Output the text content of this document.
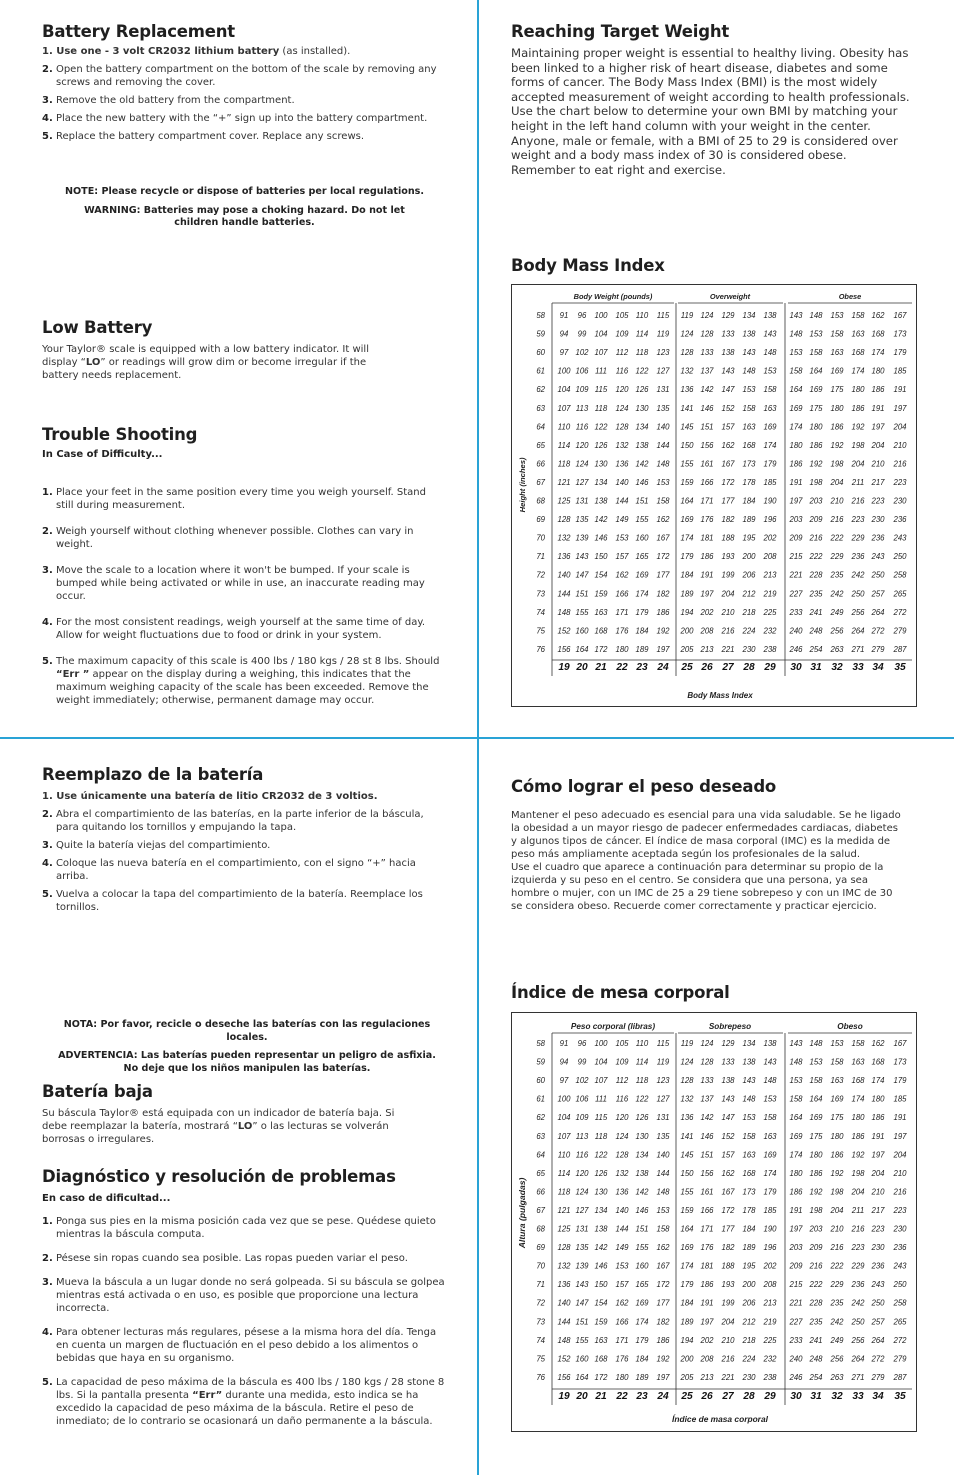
Battery Replacement

1. Use one - 3 volt CR2032 lithium battery (as installed).

2. Open the battery compartment on the bottom of the scale by removing any screws and removing the cover.

3. Remove the old battery from the compartment.

4. Place the new battery with the “+” sign up into the battery compartment.

5. Replace the battery compartment cover. Replace any screws.

NOTE: Please recycle or dispose of batteries per local regulations.
WARNING: Batteries may pose a choking hazard. Do not let children handle batteries.
Low Battery

Your Taylor® scale is equipped with a low battery indicator. It will display “LO” or readings will grow dim or become irregular if the battery needs replacement.

Trouble Shooting
In Case of Difficulty...

1. Place your feet in the same position every time you weigh yourself. Stand still during measurement.

2. Weigh yourself without clothing whenever possible. Clothes can vary in weight.

3. Move the scale to a location where it won't be bumped. If your scale is bumped while being activated or while in use, an inaccurate reading may occur.

4. For the most consistent readings, weigh yourself at the same time of day. Allow for weight fluctuations due to food or drink in your system.

5. The maximum capacity of this scale is 400 lbs / 180 kgs / 28 st 8 lbs. Should “Err ” appear on the display during a weighing, this indicates that the maximum weighing capacity of the scale has been exceeded. Remove the weight immediately; otherwise, permanent damage may occur.

Reaching Target Weight

Maintaining proper weight is essential to healthy living. Obesity has been linked to a higher risk of heart disease, diabetes and some forms of cancer. The Body Mass Index (BMI) is the most widely accepted measurement of weight according to health professionals.

Use the chart below to determine your own BMI by matching your height in the left hand column with your weight in the center. Anyone, male or female, with a BMI of 25 to 29 is considered over weight and a body mass index of 30 is considered obese.

Remember to eat right and exercise.

Body Mass Index
Body Weight (pounds)	Overweight	Obese
Height (inches)
58 91 96 100 105 110 115 119 124 129 134 138 143 148 153 158 162 167
59 94 99 104 109 114 119 124 128 133 138 143 148 153 158 163 168 173
60 97 102 107 112 118 123 128 133 138 143 148 153 158 163 168 174 179
61 100 106 111 116 122 127 132 137 143 148 153 158 164 169 174 180 185
62 104 109 115 120 126 131 136 142 147 153 158 164 169 175 180 186 191
63 107 113 118 124 130 135 141 146 152 158 163 169 175 180 186 191 197
64 110 116 122 128 134 140 145 151 157 163 169 174 180 186 192 197 204
65 114 120 126 132 138 144 150 156 162 168 174 180 186 192 198 204 210
66 118 124 130 136 142 148 155 161 167 173 179 186 192 198 204 210 216
67 121 127 134 140 146 153 159 166 172 178 185 191 198 204 211 217 223
68 125 131 138 144 151 158 164 171 177 184 190 197 203 210 216 223 230
69 128 135 142 149 155 162 169 176 182 189 196 203 209 216 223 230 236
70 132 139 146 153 160 167 174 181 188 195 202 209 216 222 229 236 243
71 136 143 150 157 165 172 179 186 193 200 208 215 222 229 236 243 250
72 140 147 154 162 169 177 184 191 199 206 213 221 228 235 242 250 258
73 144 151 159 166 174 182 189 197 204 212 219 227 235 242 250 257 265
74 148 155 163 171 179 186 194 202 210 218 225 233 241 249 256 264 272
75 152 160 168 176 184 192 200 208 216 224 232 240 248 256 264 272 279
76 156 164 172 180 189 197 205 213 221 230 238 246 254 263 271 279 287
19 20 21 22 23 24 25 26 27 28 29 30 31 32 33 34 35
Body Mass Index
Reemplazo de la batería

1. Use únicamente una batería de litio CR2032 de 3 voltios.

2. Abra el compartimiento de las baterías, en la parte inferior de la báscula, para quitando los tornillos y empujando la tapa.

3. Quite la batería viejas del compartimiento.

4. Coloque las nueva batería en el compartimiento, con el signo “+” hacia arriba.

5. Vuelva a colocar la tapa del compartimiento de la batería. Reemplace los tornillos.

NOTA: Por favor, recicle o deseche las baterías con las regulaciones locales.
ADVERTENCIA: Las baterías pueden representar un peligro de asfixia. No deje que los niños manipulen las baterías.
Batería baja

Su báscula Taylor® está equipada con un indicador de batería baja. Si debe reemplazar la batería, mostrará “LO” o las lecturas se volverán borrosas o irregulares.

Diagnóstico y resolución de problemas
En caso de dificultad...

1. Ponga sus pies en la misma posición cada vez que se pese. Quédese quieto mientras la báscula computa.

2. Pésese sin ropas cuando sea posible. Las ropas pueden variar el peso.

3. Mueva la báscula a un lugar donde no será golpeada. Si su báscula se golpea mientras está activada o en uso, es posible que proporcione una lectura incorrecta.

4. Para obtener lecturas más regulares, pésese a la misma hora del día. Tenga en cuenta un margen de fluctuación en el peso debido a los alimentos o bebidas que haya en su organismo.

5. La capacidad de peso máxima de la báscula es 400 lbs / 180 kgs / 28 stone 8 lbs. Si la pantalla presenta “Err” durante una medida, esto indica se ha excedido la capacidad de peso máxima de la báscula. Retire el peso de inmediato; de lo contrario se ocasionará un daño permanente a la báscula.

Cómo lograr el peso deseado

Mantener el peso adecuado es esencial para una vida saludable. Se he ligado la obesidad a un mayor riesgo de padecer enfermedades cardiacas, diabetes y algunos tipos de cáncer. El índice de masa corporal (IMC) es la medida de peso más ampliamente aceptada según los profesionales de la salud.

Use el cuadro que aparece a continuación para determinar su propio de la izquierda y su peso en el centro. Se considera que una persona, ya sea hombre o mujer, con un IMC de 25 a 29 tiene sobrepeso y con un IMC de 30 se considera obeso. Recuerde comer correctamente y practicar ejercicio.

Índice de mesa corporal
Peso corporal (libras)	Sobrepeso	Obeso
Altura (pulgadas)
58 91 96 100 105 110 115 119 124 129 134 138 143 148 153 158 162 167
59 94 99 104 109 114 119 124 128 133 138 143 148 153 158 163 168 173
60 97 102 107 112 118 123 128 133 138 143 148 153 158 163 168 174 179
61 100 106 111 116 122 127 132 137 143 148 153 158 164 169 174 180 185
62 104 109 115 120 126 131 136 142 147 153 158 164 169 175 180 186 191
63 107 113 118 124 130 135 141 146 152 158 163 169 175 180 186 191 197
64 110 116 122 128 134 140 145 151 157 163 169 174 180 186 192 197 204
65 114 120 126 132 138 144 150 156 162 168 174 180 186 192 198 204 210
66 118 124 130 136 142 148 155 161 167 173 179 186 192 198 204 210 216
67 121 127 134 140 146 153 159 166 172 178 185 191 198 204 211 217 223
68 125 131 138 144 151 158 164 171 177 184 190 197 203 210 216 223 230
69 128 135 142 149 155 162 169 176 182 189 196 203 209 216 223 230 236
70 132 139 146 153 160 167 174 181 188 195 202 209 216 222 229 236 243
71 136 143 150 157 165 172 179 186 193 200 208 215 222 229 236 243 250
72 140 147 154 162 169 177 184 191 199 206 213 221 228 235 242 250 258
73 144 151 159 166 174 182 189 197 204 212 219 227 235 242 250 257 265
74 148 155 163 171 179 186 194 202 210 218 225 233 241 249 256 264 272
75 152 160 168 176 184 192 200 208 216 224 232 240 248 256 264 272 279
76 156 164 172 180 189 197 205 213 221 230 238 246 254 263 271 279 287
19 20 21 22 23 24 25 26 27 28 29 30 31 32 33 34 35
Índice de masa corporal
